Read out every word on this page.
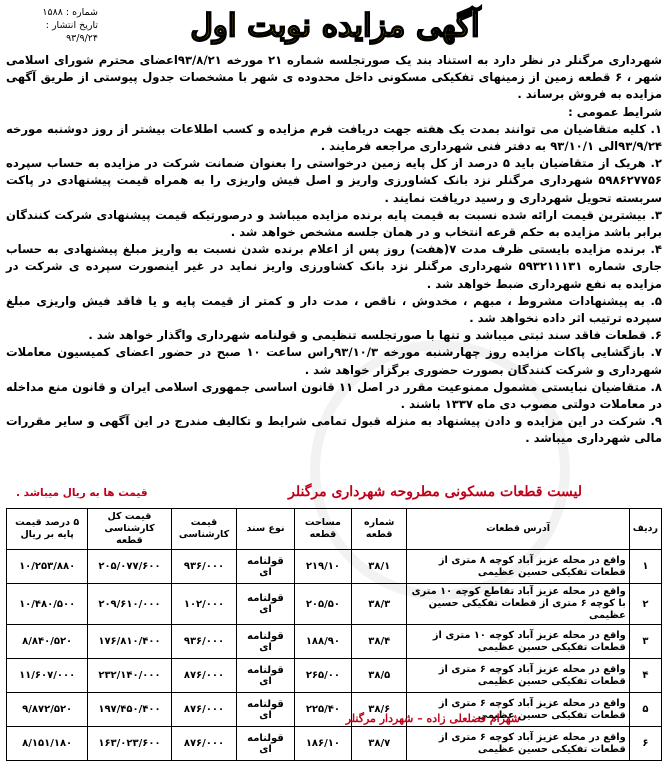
شماره : ۱۵۸۸
تاریخ انتشار :
۹۳/۹/۲۴	آگهی مزایده نوبت اول

شهرداری مرگنلر در نظر دارد به استناد بند یک صورتجلسه شماره ۲۱ مورخه ۹۳/۸/۲۱اعضای محترم شورای اسلامی شهر ، ۶ قطعه زمین از زمینهای تفکیکی مسکونی داخل محدوده ی شهر با مشخصات جدول پیوستی از طریق آگهی مزایده به فروش برساند .

شرایط عمومی :

۱. کلیه متقاضیان می توانند بمدت یک هفته جهت دریافت فرم مزایده و کسب اطلاعات بیشتر از روز دوشنبه مورخه ۹۳/۹/۲۴الی ۹۳/۱۰/۱ به دفتر فنی شهرداری مراجعه فرمایند .

۲. هریک از متقاضیان باید ۵ درصد از کل پایه زمین درخواستی را بعنوان ضمانت شرکت در مزایده به حساب سپرده ۵۹۸۶۲۷۷۵۶ شهرداری مرگنلر نزد بانک کشاورزی واریز و اصل فیش واریزی را به همراه قیمت پیشنهادی در پاکت سربسته تحویل شهرداری و رسید دریافت نمایند .

۳. بیشترین قیمت ارائه شده نسبت به قیمت پایه برنده مزایده میباشد و درصورتیکه قیمت پیشنهادی شرکت کنندگان برابر باشد مزایده به حکم قرعه انتخاب و در همان جلسه مشخص خواهد شد .

۴. برنده مزایده بایستی ظرف مدت ۷(هفت) روز پس از اعلام برنده شدن نسبت به واریز مبلغ پیشنهادی به حساب جاری شماره ۵۹۳۲۱۱۱۳۱ شهرداری مرگنلر نزد بانک کشاورزی واریز نماید در غیر اینصورت سپرده ی شرکت در مزایده به نفع شهرداری ضبط خواهد شد .

۵. به پیشنهادات مشروط ، مبهم ، مخدوش ، ناقص ، مدت دار و کمتر از قیمت پایه و یا فاقد فیش واریزی مبلغ سپرده ترتیب اثر داده نخواهد شد .

۶. قطعات فاقد سند ثبتی میباشد و تنها با صورتجلسه تنظیمی و قولنامه شهرداری واگذار خواهد شد .

۷. بازگشایی پاکات مزایده روز چهارشنبه مورخه ۹۳/۱۰/۳راس ساعت ۱۰ صبح در حضور اعضای کمیسیون معاملات شهرداری و شرکت کنندگان بصورت حضوری برگزار خواهد شد .

۸. متقاضیان نبایستی مشمول ممنوعیت مقرر در اصل ۱۱ قانون اساسی جمهوری اسلامی ایران و قانون منع مداخله در معاملات دولتی مصوب دی ماه ۱۳۳۷ باشند .

۹. شرکت در این مزایده و دادن پیشنهاد به منزله قبول تمامی شرایط و تکالیف مندرج در این آگهی و سایر مقررات مالی شهرداری میباشد .

لیست قطعات مسکونی مطروحه شهرداری مرگنلر
قیمت ها به ریال میباشد .
ردیف	آدرس قطعات	شماره قطعه	مساحت قطعه	نوع سند	قیمت کارشناسی	قیمت کل کارشناسی قطعه	۵ درصد قیمت پایه بر ریال
۱	واقع در محله عزیز آباد کوچه ۸ متری از قطعات تفکیکی حسین عظیمی	۳۸/۱	۲۱۹/۱۰	قولنامه ای	۹۳۶/۰۰۰	۲۰۵/۰۷۷/۶۰۰	۱۰/۲۵۳/۸۸۰
۲	واقع در محله عزیز آباد تقاطع کوچه ۱۰ متری با کوچه ۶ متری از قطعات تفکیکی حسین عظیمی	۳۸/۳	۲۰۵/۵۰	قولنامه ای	۱۰۲/۰۰۰	۲۰۹/۶۱۰/۰۰۰	۱۰/۴۸۰/۵۰۰
۳	واقع در محله عزیز آباد کوچه ۱۰ متری از قطعات تفکیکی حسین عظیمی	۳۸/۴	۱۸۸/۹۰	قولنامه ای	۹۳۶/۰۰۰	۱۷۶/۸۱۰/۴۰۰	۸/۸۴۰/۵۲۰
۴	واقع در محله عزیز آباد کوچه ۶ متری از قطعات تفکیکی حسین عظیمی	۳۸/۵	۲۶۵/۰۰	قولنامه ای	۸۷۶/۰۰۰	۲۳۲/۱۴۰/۰۰۰	۱۱/۶۰۷/۰۰۰
۵	واقع در محله عزیز آباد کوچه ۶ متری از قطعات تفکیکی حسین عظیمی	۳۸/۶	۲۲۵/۴۰	قولنامه ای	۸۷۶/۰۰۰	۱۹۷/۴۵۰/۴۰۰	۹/۸۷۲/۵۲۰
۶	واقع در محله عزیز آباد کوچه ۶ متری از قطعات تفکیکی حسین عظیمی	۳۸/۷	۱۸۶/۱۰	قولنامه ای	۸۷۶/۰۰۰	۱۶۳/۰۲۳/۶۰۰	۸/۱۵۱/۱۸۰
شهرام فضلعلی زاده – شهردار مرگنلر
